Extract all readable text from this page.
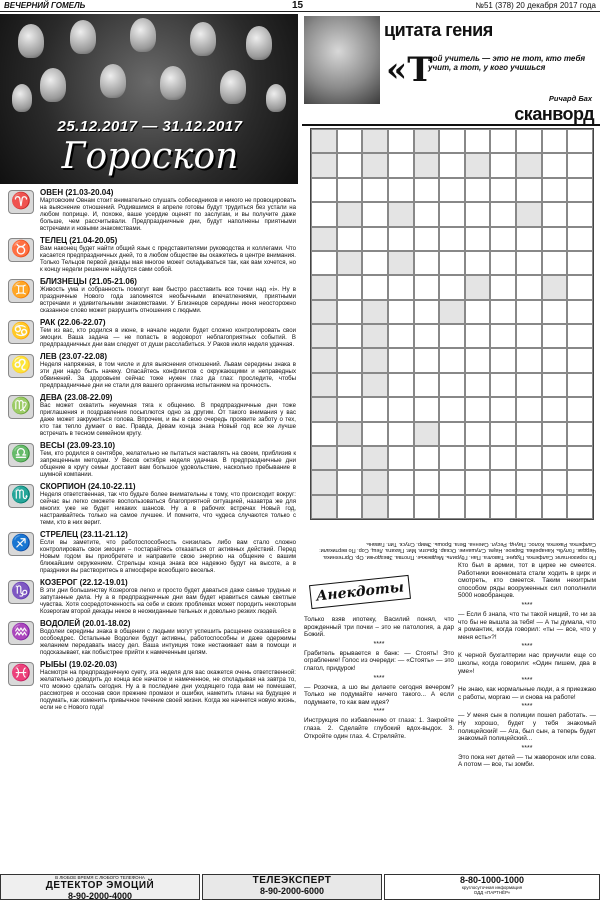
ВЕЧЕРНИЙ ГОМЕЛЬ	15	№51 (378) 20 декабря 2017 года
25.12.2017 — 31.12.2017
Гороскоп
♈
ОВЕН (21.03-20.04)

Мартовским Овнам стоит внимательно слушать собеседников и никого не провоцировать на выяснение отношений. Родившимся в апреле готовы будут трудиться без устали на любом поприще. И, похоже, ваше усердие оценят по заслугам, и вы получите даже больше, чем рассчитывали. Предпраздничные дни, будут наполнены приятными встречами и новыми знакомствами.

♉
ТЕЛЕЦ (21.04-20.05)

Вам наконец будет найти общий язык с представителями руководства и коллегами. Что касается предпраздничных дней, то в любом обществе вы окажетесь в центре внимания. Только Тельцов первой декады мая многое может складываться так, как вам хочется, но к концу недели решение найдутся сами собой.

♊
БЛИЗНЕЦЫ (21.05-21.06)

Живость ума и собранность помогут вам быстро расставить все точки над «i». Ну в праздничные Нового года запомнятся необычными впечатлениями, приятными встречами и удивительными знакомствами. У Близнецов середины июня неосторожно сказанное слово может разрушить отношения с людьми.

♋
РАК (22.06-22.07)

Тем из вас, кто родился в июне, в начале недели будет сложно контролировать свои эмоции. Ваша задача — не попасть в водоворот неблагоприятных событий. В предпраздничных дни вам следует от души расслабиться. У Раков июля неделя удачная.

♌
ЛЕВ (23.07-22.08)

Неделя напряжная, в том числе и для выяснения отношений. Львам середины знака в эти дни надо быть начеку. Опасайтесь конфликтов с окружающими и неправедных обвинений. За здоровьем сейчас тоже нужен глаз да глаз: проследите, чтобы предпраздничные дни не стали для вашего организма испытанием на прочность.

♍
ДЕВА (23.08-22.09)

Вас может охватить неуемная тяга к общению. В предпраздничные дни тоже приглашения и поздравления посыплются одно за другим. От такого внимания у вас даже может закружиться голова. Впрочем, и вы в свою очередь проявите заботу о тех, кто так тепло думает о вас. Правда, Девам конца знака Новый год все же лучше встречать в тесном семейном кругу.

♎
ВЕСЫ (23.09-23.10)

Тем, кто родился в сентябре, желательно не пытаться наставлять на своем, приблизив к запрещенным методам. У Весов октября неделя удачная. В предпраздничные дни общение в кругу семьи доставит вам большое удовольствие, насколько пребывание в шумной компании.

♏
СКОРПИОН (24.10-22.11)

Неделя ответственная, так что будьте более внимательны к тому, что происходит вокруг: сейчас вы легко сможете воспользоваться благоприятной ситуацией, назавтра же для многих уже не будет никаких шансов. Ну а в рабочих встречах Новый год, настраивайтесь только на самое лучшее. И помните, что чудеса случаются только с теми, кто в них верит.

♐
СТРЕЛЕЦ (23.11-21.12)

Если вы заметите, что работоспособность снизилась либо вам стало сложно контролировать свои эмоции – постарайтесь отказаться от активных действий. Перед Новым годом вы приобретете и направите свою энергию на общение с вашим ближайшим окружением. Стрельцы конца знака все надежно будут на высоте, а в праздники вы растворитесь в атмосфере всеобщего веселья.

♑
КОЗЕРОГ (22.12-19.01)

В эти дни большинству Козерогов легко и просто будет даваться даже самые трудные и запутанные дела. Ну а в предпраздничные дни вам будет нравиться самые светлые чувства. Хотя сосредоточенность на себе и своих проблемах может породить некоторым Козерогам второй декады некое в неожиданные тельных и довольно резких людей.

♒
ВОДОЛЕЙ (20.01-18.02)

Водолеи середины знака в общении с людьми могут успешить расщение сказавшейся в особоедрес. Остальные Водолеи будут активны, работоспособны и даже одержимы желанием передавать массу дел. Ваша интуиция тоже нестакивает вам в помощи и подсказывает, как побыстрее прийти к намеченным целям.

♓
РЫБЫ (19.02-20.03)

Насмотря на предпраздничную суету, эта неделя для вас окажется очень ответственной: желательно доводить до конца все начатое и намеченное, не откладывая на завтра то, что можно сделать сегодня. Ну а в последние дни уходящего года вам не помешает, рассмотрев и оссонав свои прежние промахи и ошибки, наметить планы на будущее и подумать, как изменить привычное течение своей жизни. Когда же начнется новую жизнь, если не с Нового года!

цитата гения
«Т
вой учитель — это не тот, кто тебя учит, а тот, у кого учишься
Ричард Бах
сканворд
По горизонтали: Салфетка. Пудинг. Таволга. Пан. Гбуриль. Медвежье. Плотва. Звездочки. Ор. Оргтехника. Чердак. Голубь. Канарейка. Варкое. Наум. Слушание. Оскар. Брызги. Миг. Пахата. Лещ. Сор. По вертикали: Салфетка. Ракетка. Колос. Паунд. Ресул. Сиенна. Вега. Брошь. Эмир. Спуск. Тип. Гавань.
Анекдоты

Только взяв ипотеку, Василий понял, что врожденный три почки – это не патология, а дар Божий.

****

Грабитель врывается в банк: — Стоять! Это ограбление! Голос из очереди: — «Стоять» — это глагол, придурок!

****

— Розочка, а шо вы делаете сегодня вечером? Только не подумайте ничего такого... А если подумаете, то как вам идея?

****

Инструкция по избавлению от глаза: 1. Закройте глаза. 2. Сделайте глубокий вдох-выдох. 3. Откройте один глаз. 4. Стреляйте.

Кто был в армии, тот в цирке не смеется. Работники военкомата стали ходить в цирк и смотреть, кто смеется. Таким нехитрым способом ряды вооруженных сил пополнили 5000 новобранцев.

****

— Если б знала, что ты такой нищий, то ни за что бы не вышла за тебя! — А ты думала, что я романтик, когда говорил: «ты — все, что у меня есть»?!

****

К черной бухгалтерии нас приучили еще со школы, когда говорили: «Один пишем, два в уме»!

****

Не знаю, как нормальные люди, а я приезжаю с работы, моргаю — и снова на работе!

****

— У меня сын в полиции пошел работать. — Ну хорошо, будет у тебя знакомый полицейский! — Ага, был сын, а теперь будет знакомый полицейский...

****

Это пока нет детей — ты жаворонок или сова. А потом — все, ты зомби.

В ЛЮБОЕ ВРЕМЯ С ЛЮБОГО ТЕЛЕФОНА
ДЕТЕКТОР ЭМОЦИЙ
8-90-2000-4000
ТЕЛЕЭКСПЕРТ
8-90-2000-6000
8-80-1000-1000
круглосуточная информация
ОДД «ПАРТНЁР»
